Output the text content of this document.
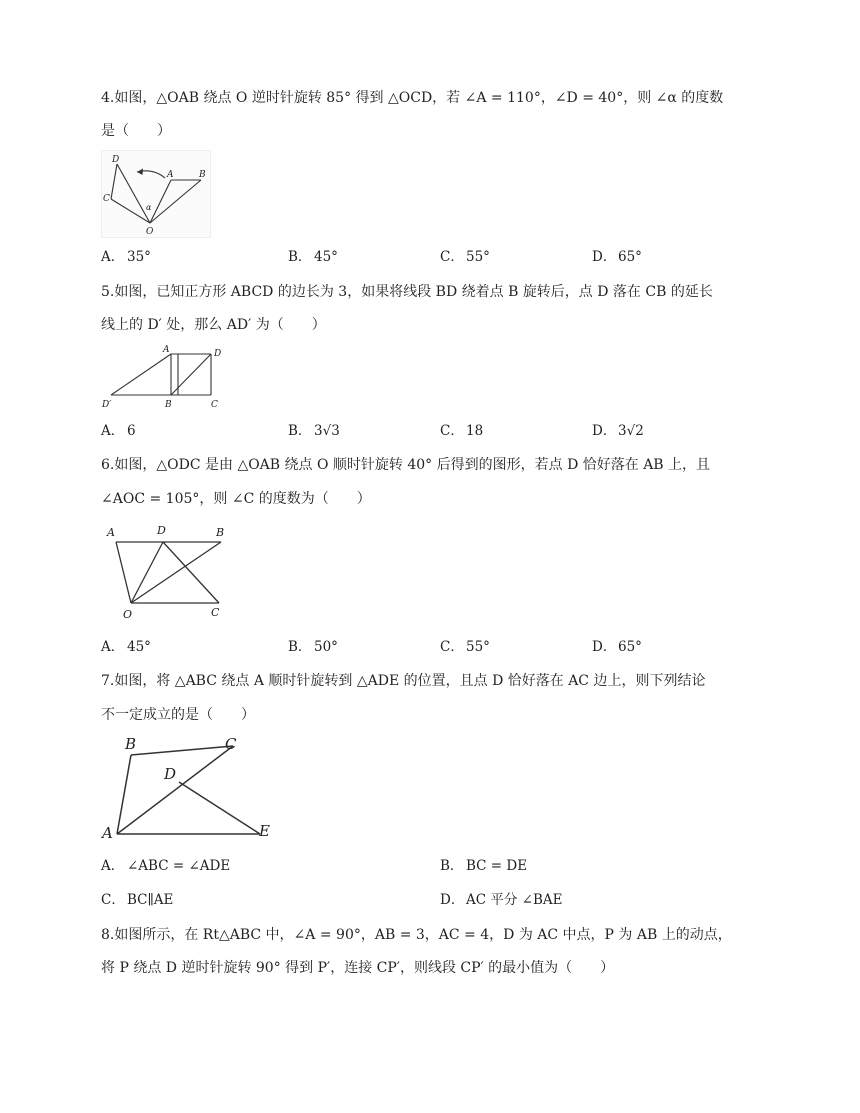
4.如图，△OAB 绕点 O 逆时针旋转 85° 得到 △OCD，若 ∠A = 110°，∠D = 40°，则 ∠α 的度数
是（　　）
D
C
A	B
O
α
A． 35°	B． 45°	C． 55°	D． 65°
5.如图，已知正方形 ABCD 的边长为 3，如果将线段 BD 绕着点 B 旋转后，点 D 落在 CB 的延长
线上的 D′ 处，那么 AD′ 为（　　）
A	D
D′	B	C
A． 6	B． 3√3	C． 18	D． 3√2
6.如图，△ODC 是由 △OAB 绕点 O 顺时针旋转 40° 后得到的图形，若点 D 恰好落在 AB 上，且
∠AOC = 105°，则 ∠C 的度数为（　　）
A	D	B
O	C
A． 45°	B． 50°	C． 55°	D． 65°
7.如图，将 △ABC 绕点 A 顺时针旋转到 △ADE 的位置，且点 D 恰好落在 AC 边上，则下列结论
不一定成立的是（　　）
B	C
D
A	E
A． ∠ABC = ∠ADE	B． BC = DE
C． BC∥AE	D． AC 平分 ∠BAE
8.如图所示，在 Rt△ABC 中，∠A = 90°，AB = 3，AC = 4，D 为 AC 中点，P 为 AB 上的动点，
将 P 绕点 D 逆时针旋转 90° 得到 P′，连接 CP′，则线段 CP′ 的最小值为（　　）
